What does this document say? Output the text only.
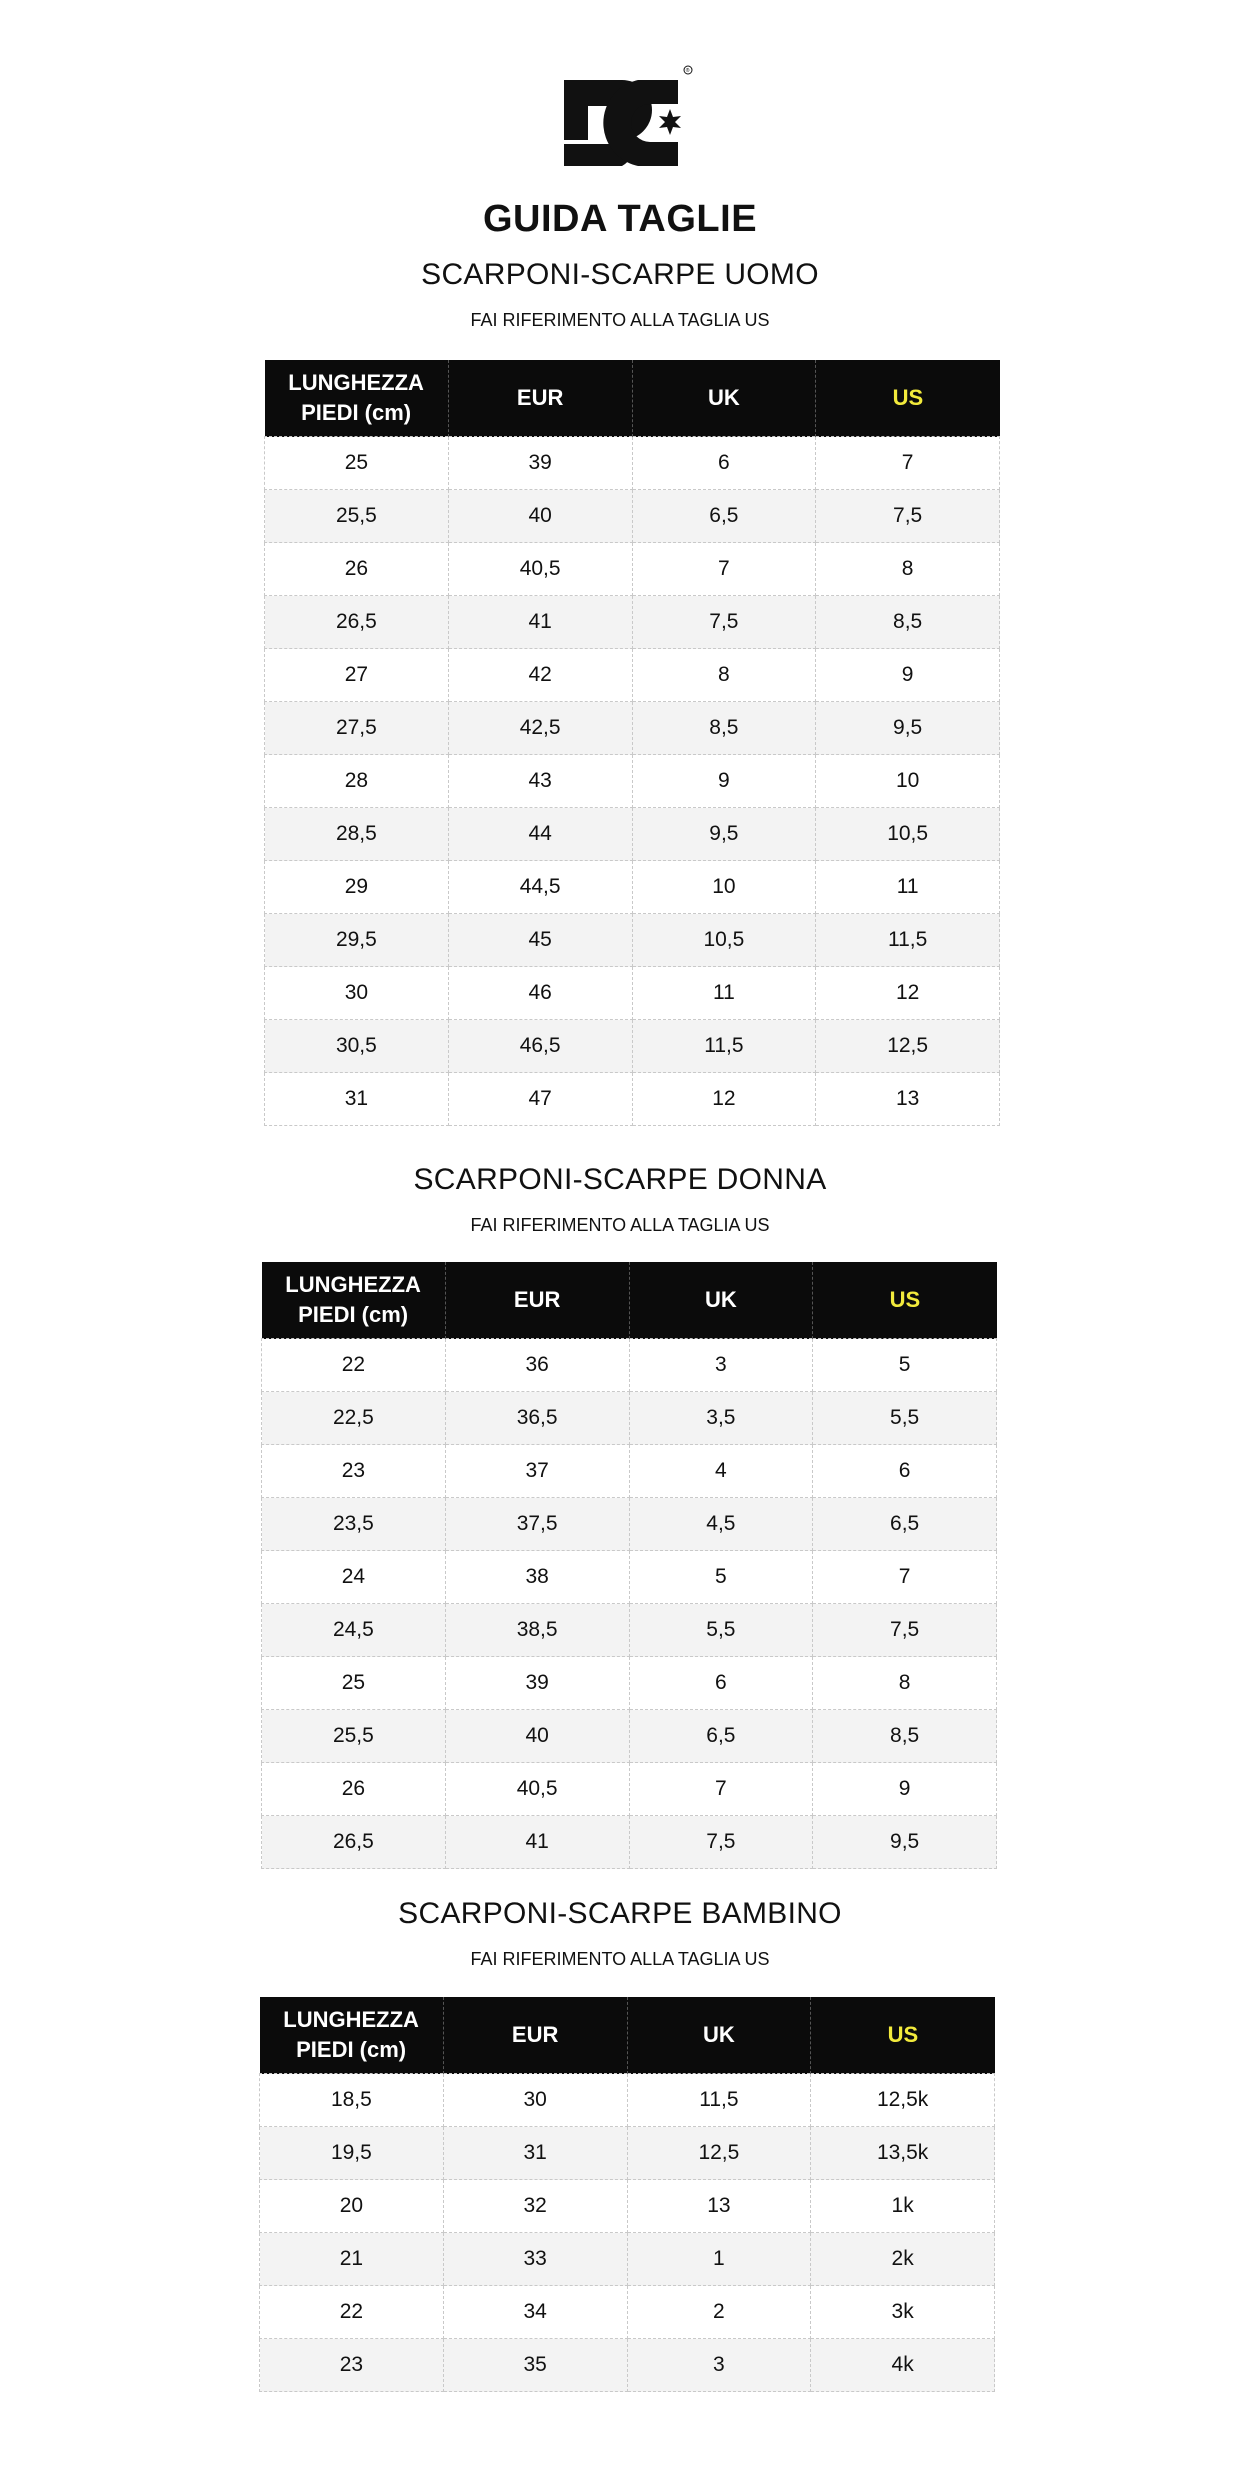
®
GUIDA TAGLIE
SCARPONI-SCARPE UOMO

FAI RIFERIMENTO ALLA TAGLIA US

LUNGHEZZA PIEDI (cm)	EUR	UK	US
25	39	6	7
25,5	40	6,5	7,5
26	40,5	7	8
26,5	41	7,5	8,5
27	42	8	9
27,5	42,5	8,5	9,5
28	43	9	10
28,5	44	9,5	10,5
29	44,5	10	11
29,5	45	10,5	11,5
30	46	11	12
30,5	46,5	11,5	12,5
31	47	12	13
SCARPONI-SCARPE DONNA

FAI RIFERIMENTO ALLA TAGLIA US

LUNGHEZZA PIEDI (cm)	EUR	UK	US
22	36	3	5
22,5	36,5	3,5	5,5
23	37	4	6
23,5	37,5	4,5	6,5
24	38	5	7
24,5	38,5	5,5	7,5
25	39	6	8
25,5	40	6,5	8,5
26	40,5	7	9
26,5	41	7,5	9,5
SCARPONI-SCARPE BAMBINO

FAI RIFERIMENTO ALLA TAGLIA US

LUNGHEZZA PIEDI (cm)	EUR	UK	US
18,5	30	11,5	12,5k
19,5	31	12,5	13,5k
20	32	13	1k
21	33	1	2k
22	34	2	3k
23	35	3	4k
